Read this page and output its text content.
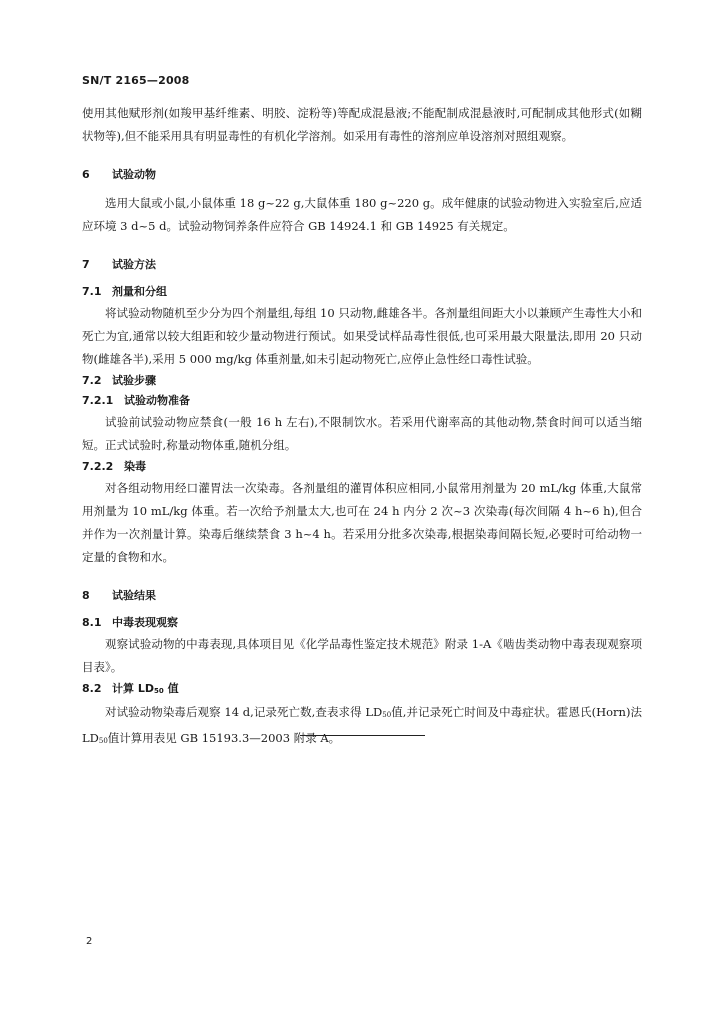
SN/T 2165—2008

使用其他赋形剂(如羧甲基纤维素、明胶、淀粉等)等配成混悬液;不能配制成混悬液时,可配制成其他形式(如糊状物等),但不能采用具有明显毒性的有机化学溶剂。如采用有毒性的溶剂应单设溶剂对照组观察。

6 试验动物

选用大鼠或小鼠,小鼠体重 18 g~22 g,大鼠体重 180 g~220 g。成年健康的试验动物进入实验室后,应适应环境 3 d~5 d。试验动物饲养条件应符合 GB 14924.1 和 GB 14925 有关规定。

7 试验方法
7.1 剂量和分组

将试验动物随机至少分为四个剂量组,每组 10 只动物,雌雄各半。各剂量组间距大小以兼顾产生毒性大小和死亡为宜,通常以较大组距和较少量动物进行预试。如果受试样品毒性很低,也可采用最大限量法,即用 20 只动物(雌雄各半),采用 5 000 mg/kg 体重剂量,如未引起动物死亡,应停止急性经口毒性试验。

7.2 试验步骤
7.2.1 试验动物准备

试验前试验动物应禁食(一般 16 h 左右),不限制饮水。若采用代谢率高的其他动物,禁食时间可以适当缩短。正式试验时,称量动物体重,随机分组。

7.2.2 染毒

对各组动物用经口灌胃法一次染毒。各剂量组的灌胃体积应相同,小鼠常用剂量为 20 mL/kg 体重,大鼠常用剂量为 10 mL/kg 体重。若一次给予剂量太大,也可在 24 h 内分 2 次~3 次染毒(每次间隔 4 h~6 h),但合并作为一次剂量计算。染毒后继续禁食 3 h~4 h。若采用分批多次染毒,根据染毒间隔长短,必要时可给动物一定量的食物和水。

8 试验结果
8.1 中毒表现观察

观察试验动物的中毒表现,具体项目见《化学品毒性鉴定技术规范》附录 1-A《啮齿类动物中毒表现观察项目表》。

8.2 计算 $LD_{50}$ 值

对试验动物染毒后观察 14 d,记录死亡数,查表求得 $LD_{50}$值,并记录死亡时间及中毒症状。霍恩氏(Horn)法 $LD_{50}$值计算用表见 GB 15193.3—2003 附录 A。

2
